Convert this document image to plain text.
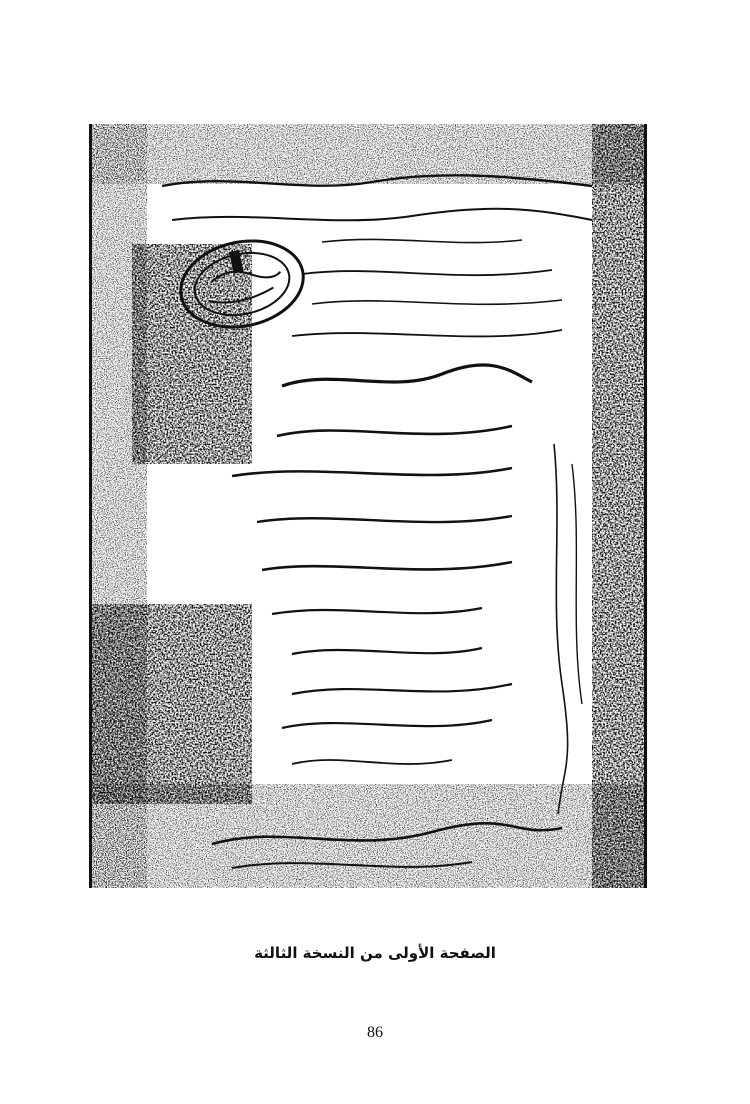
الصفحة الأولى من النسخة الثالثة
86
